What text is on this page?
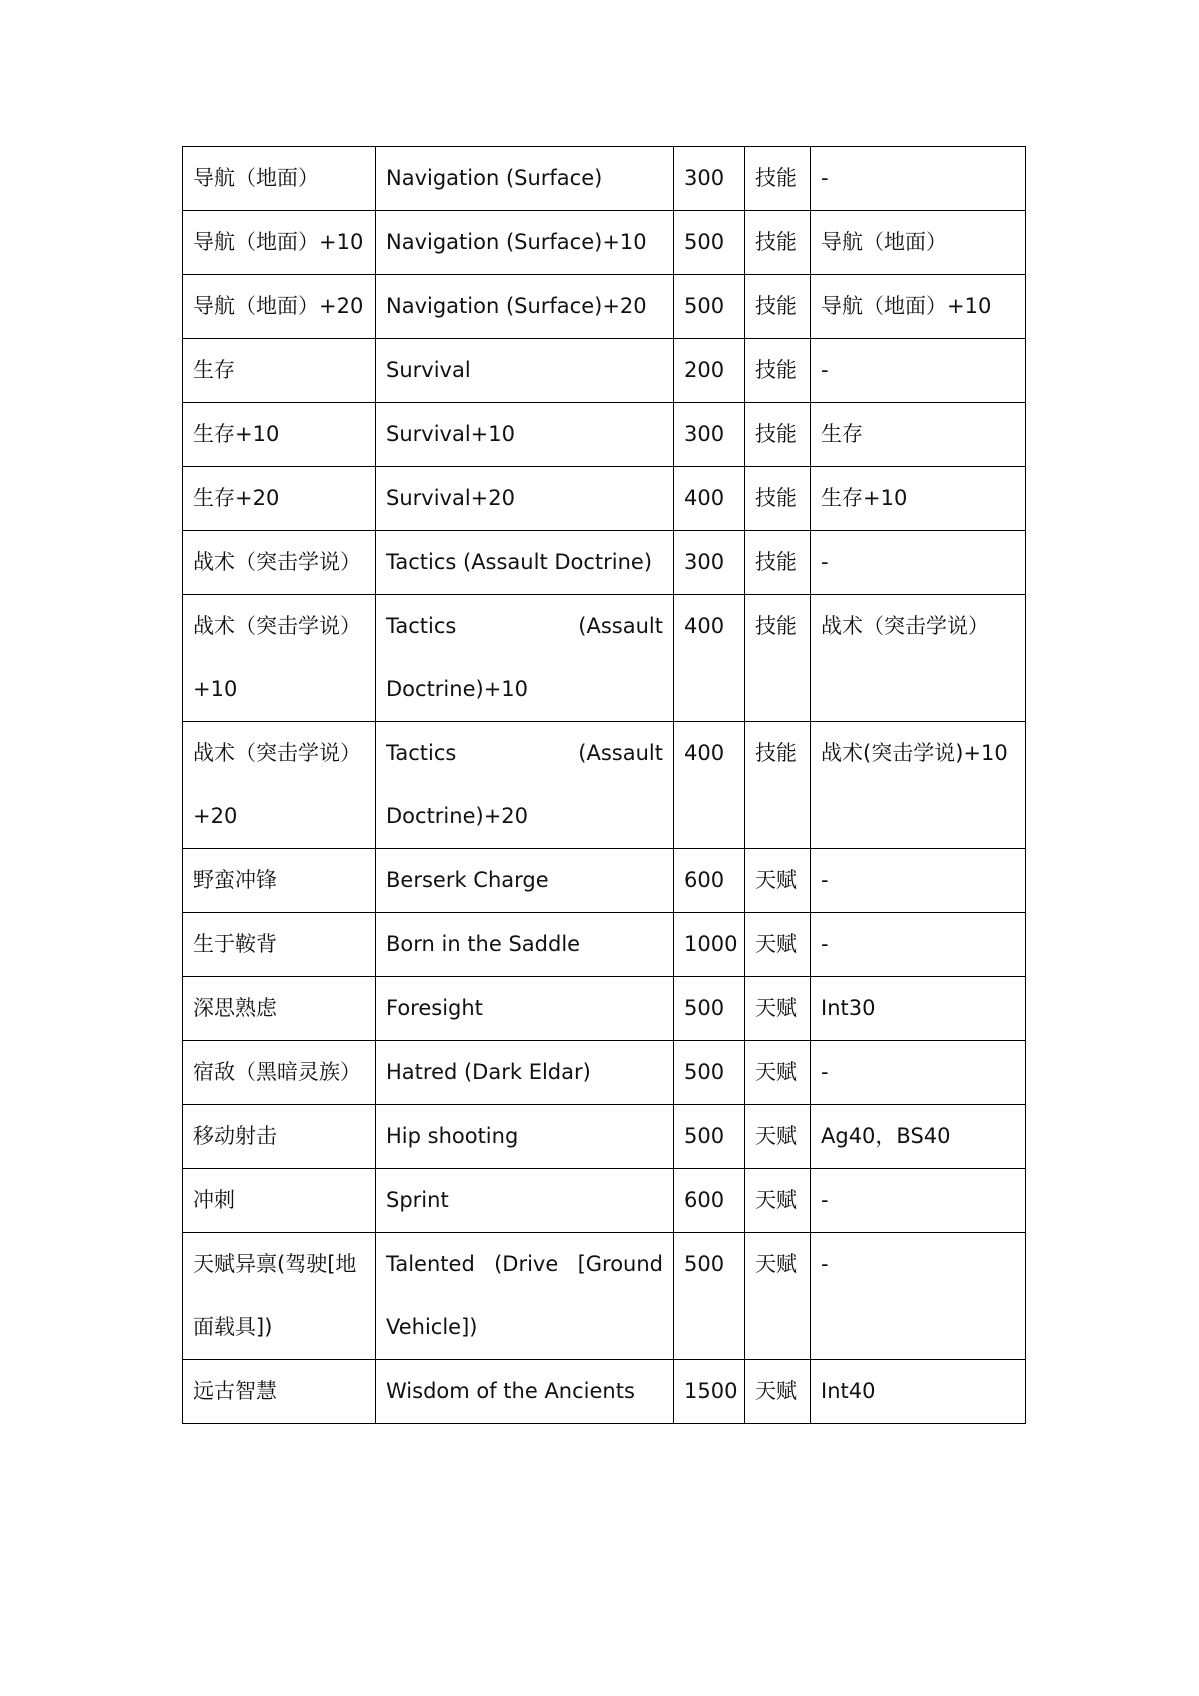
导航（地面）	Navigation (Surface)	300	技能	-
导航（地面）+10	Navigation (Surface)+10	500	技能	导航（地面）
导航（地面）+20	Navigation (Surface)+20	500	技能	导航（地面）+10
生存	Survival	200	技能	-
生存+10	Survival+10	300	技能	生存
生存+20	Survival+20	400	技能	生存+10
战术（突击学说）	Tactics (Assault Doctrine)	300	技能	-
战术（突击学说）+10	Tactics (Assault Doctrine)+10	400	技能	战术（突击学说）
战术（突击学说）+20	Tactics (Assault Doctrine)+20	400	技能	战术(突击学说)+10
野蛮冲锋	Berserk Charge	600	天赋	-
生于鞍背	Born in the Saddle	1000	天赋	-
深思熟虑	Foresight	500	天赋	Int30
宿敌（黑暗灵族）	Hatred (Dark Eldar)	500	天赋	-
移动射击	Hip shooting	500	天赋	Ag40，BS40
冲刺	Sprint	600	天赋	-
天赋异禀(驾驶[地面载具])	Talented (Drive [Ground Vehicle])	500	天赋	-
远古智慧	Wisdom of the Ancients	1500	天赋	Int40
